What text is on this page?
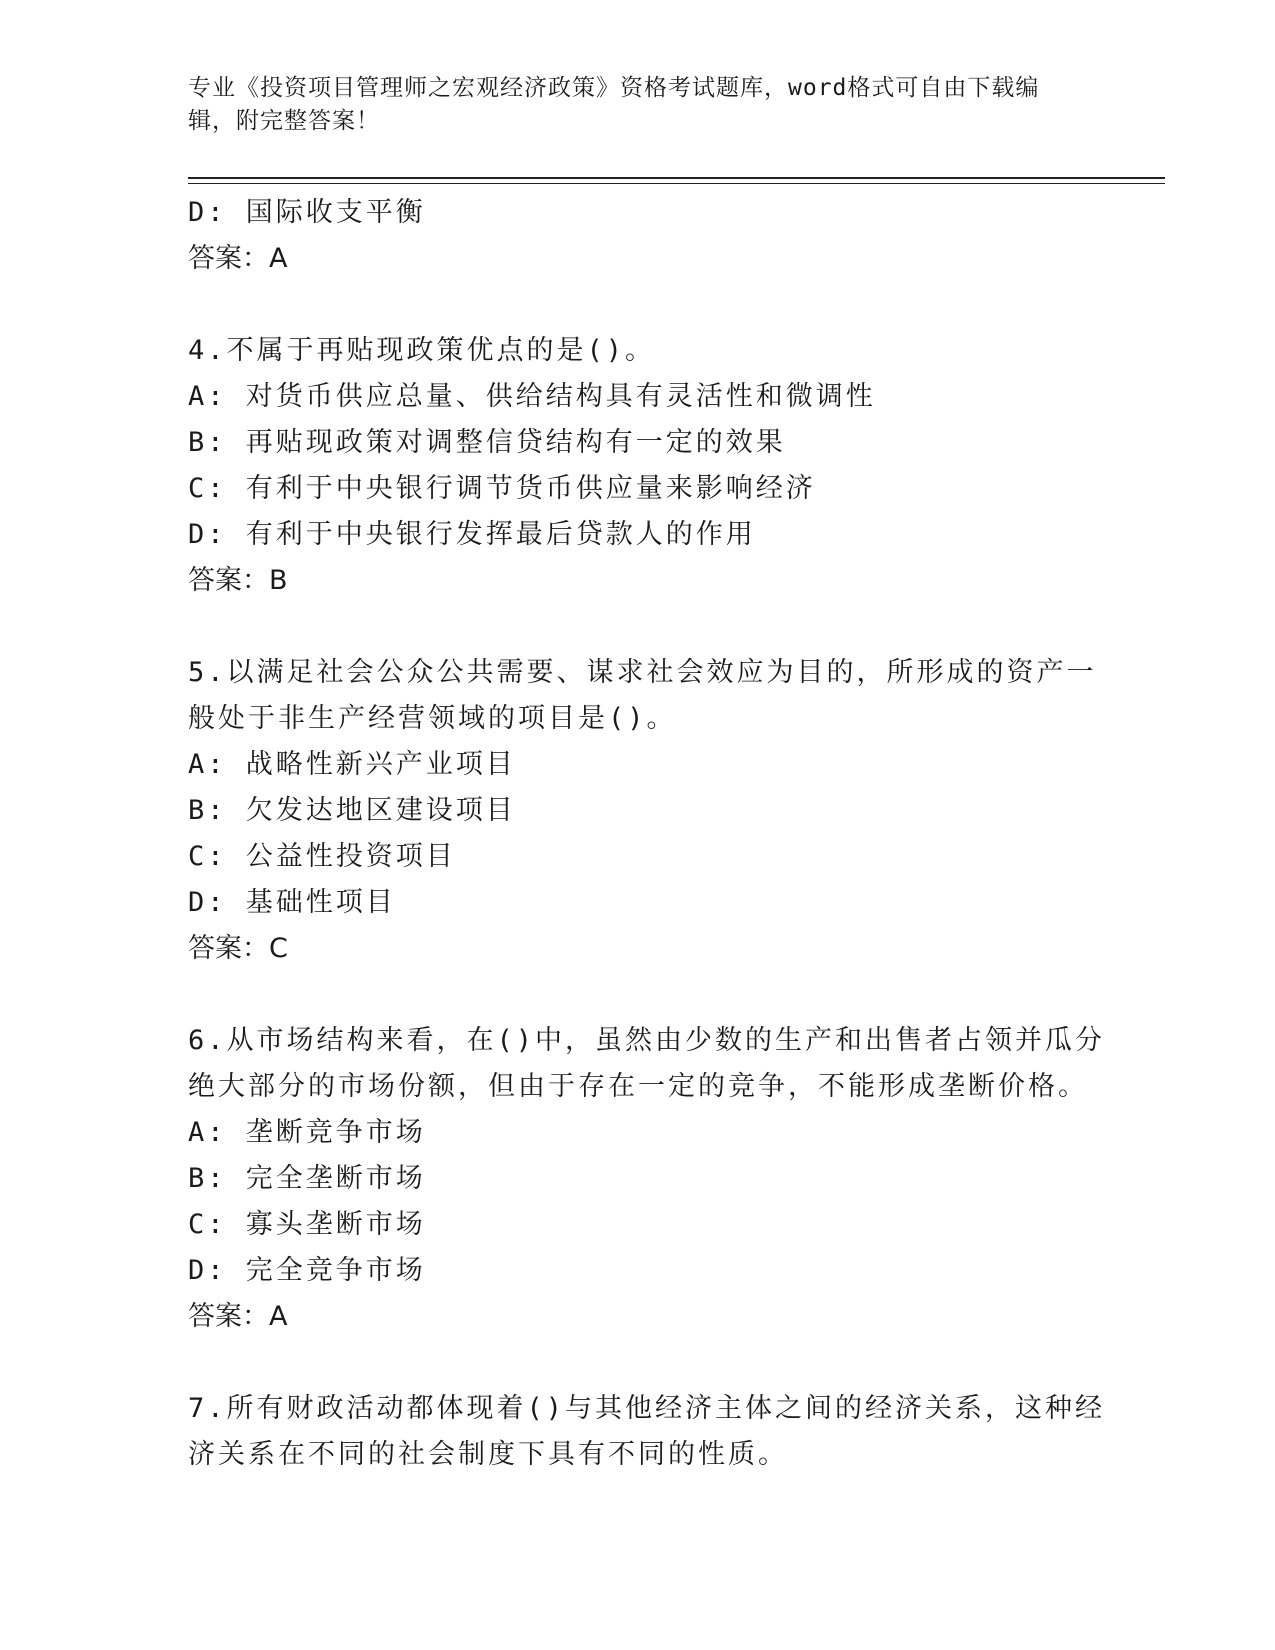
专业《投资项目管理师之宏观经济政策》资格考试题库，word格式可自由下载编
辑，附完整答案！
D: 国际收支平衡
答案：A
4.不属于再贴现政策优点的是()。
A: 对货币供应总量、供给结构具有灵活性和微调性
B: 再贴现政策对调整信贷结构有一定的效果
C: 有利于中央银行调节货币供应量来影响经济
D: 有利于中央银行发挥最后贷款人的作用
答案：B
5.以满足社会公众公共需要、谋求社会效应为目的，所形成的资产一
般处于非生产经营领域的项目是()。
A: 战略性新兴产业项目
B: 欠发达地区建设项目
C: 公益性投资项目
D: 基础性项目
答案：C
6.从市场结构来看，在()中，虽然由少数的生产和出售者占领并瓜分
绝大部分的市场份额，但由于存在一定的竞争，不能形成垄断价格。
A: 垄断竞争市场
B: 完全垄断市场
C: 寡头垄断市场
D: 完全竞争市场
答案：A
7.所有财政活动都体现着()与其他经济主体之间的经济关系，这种经
济关系在不同的社会制度下具有不同的性质。
